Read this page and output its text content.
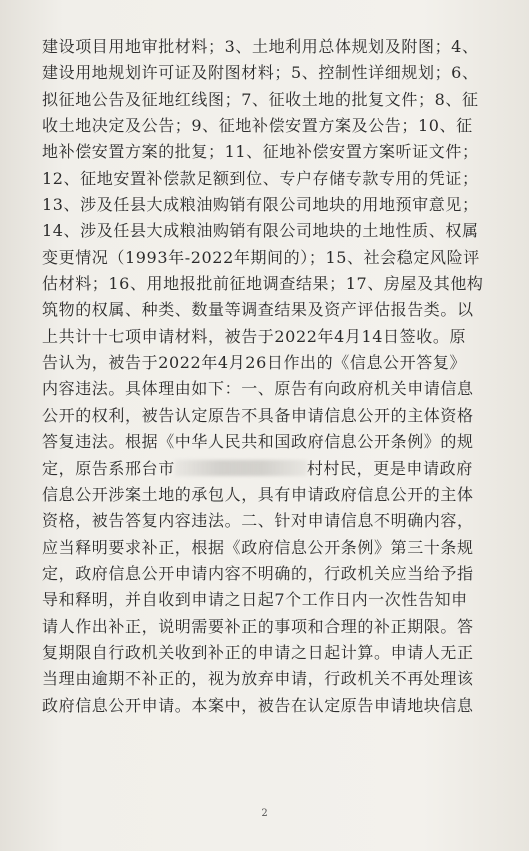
建设项目用地审批材料；3、土地利用总体规划及附图；4、
建设用地规划许可证及附图材料；5、控制性详细规划；6、
拟征地公告及征地红线图；7、征收土地的批复文件；8、征
收土地决定及公告；9、征地补偿安置方案及公告；10、征
地补偿安置方案的批复；11、征地补偿安置方案听证文件；
12、征地安置补偿款足额到位、专户存储专款专用的凭证；
13、涉及任县大成粮油购销有限公司地块的用地预审意见；
14、涉及任县大成粮油购销有限公司地块的土地性质、权属
变更情况（1993年-2022年期间的）；15、社会稳定风险评
估材料；16、用地报批前征地调查结果；17、房屋及其他构
筑物的权属、种类、数量等调查结果及资产评估报告类。以
上共计十七项申请材料，被告于2022年4月14日签收。原
告认为，被告于2022年4月26日作出的《信息公开答复》
内容违法。具体理由如下：一、原告有向政府机关申请信息
公开的权利，被告认定原告不具备申请信息公开的主体资格
答复违法。根据《中华人民共和国政府信息公开条例》的规
定，原告系邢台市	村村民，更是申请政府
信息公开涉案土地的承包人，具有申请政府信息公开的主体
资格，被告答复内容违法。二、针对申请信息不明确内容，
应当释明要求补正，根据《政府信息公开条例》第三十条规
定，政府信息公开申请内容不明确的，行政机关应当给予指
导和释明，并自收到申请之日起7个工作日内一次性告知申
请人作出补正，说明需要补正的事项和合理的补正期限。答
复期限自行政机关收到补正的申请之日起计算。申请人无正
当理由逾期不补正的，视为放弃申请，行政机关不再处理该
政府信息公开申请。本案中，被告在认定原告申请地块信息
2
